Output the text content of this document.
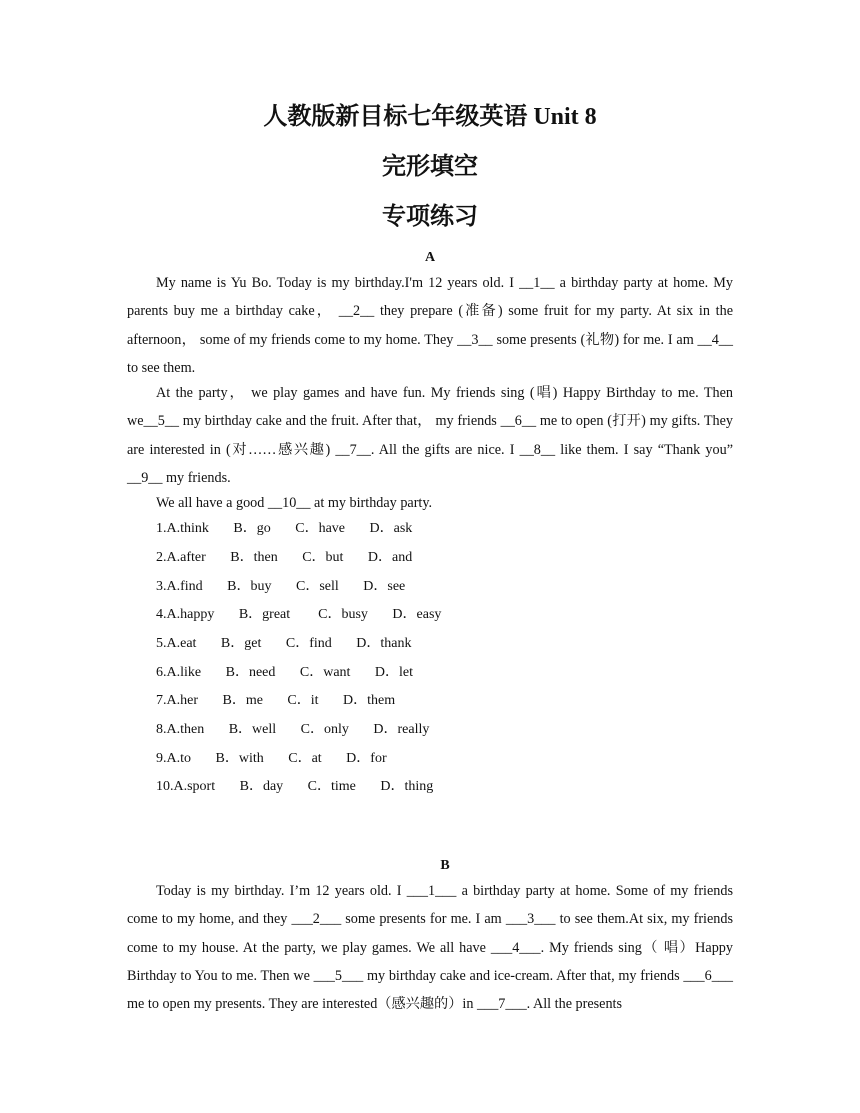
人教版新目标七年级英语 Unit 8
完形填空
专项练习
A

My name is Yu Bo. Today is my birthday.I'm 12 years old. I __1__ a birthday party at home. My parents buy me a birthday cake， __2__ they prepare (准备) some fruit for my party. At six in the afternoon， some of my friends come to my home. They __3__ some presents (礼物) for me. I am __4__ to see them.

At the party， we play games and have fun. My friends sing (唱) Happy Birthday to me. Then we__5__ my birthday cake and the fruit. After that， my friends __6__ me to open (打开) my gifts. They are interested in (对……感兴趣) __7__. All the gifts are nice. I __8__ like them. I say “Thank you” __9__ my friends.

We all have a good __10__ at my birthday party.

1.A.think       B．go       C．have       D．ask
2.A.after       B．then       C．but       D．and
3.A.find       B．buy       C．sell       D．see
4.A.happy       B．great        C．busy       D．easy
5.A.eat       B．get       C．find       D．thank
6.A.like       B．need       C．want       D．let
7.A.her       B．me       C．it       D．them
8.A.then       B．well       C．only       D．really
9.A.to       B．with       C．at       D．for
10.A.sport       B．day       C．time       D．thing
B

Today is my birthday. I’m 12 years old. I ___1___ a birthday party at home. Some of my friends come to my home, and they ___2___ some presents for me. I am ___3___ to see them.At six, my friends come to my house. At the party, we play games. We all have ___4___. My friends sing（ 唱）Happy Birthday to You to me. Then we ___5___ my birthday cake and ice-cream. After that, my friends ___6___ me to open my presents. They are interested（感兴趣的）in ___7___. All the presents
